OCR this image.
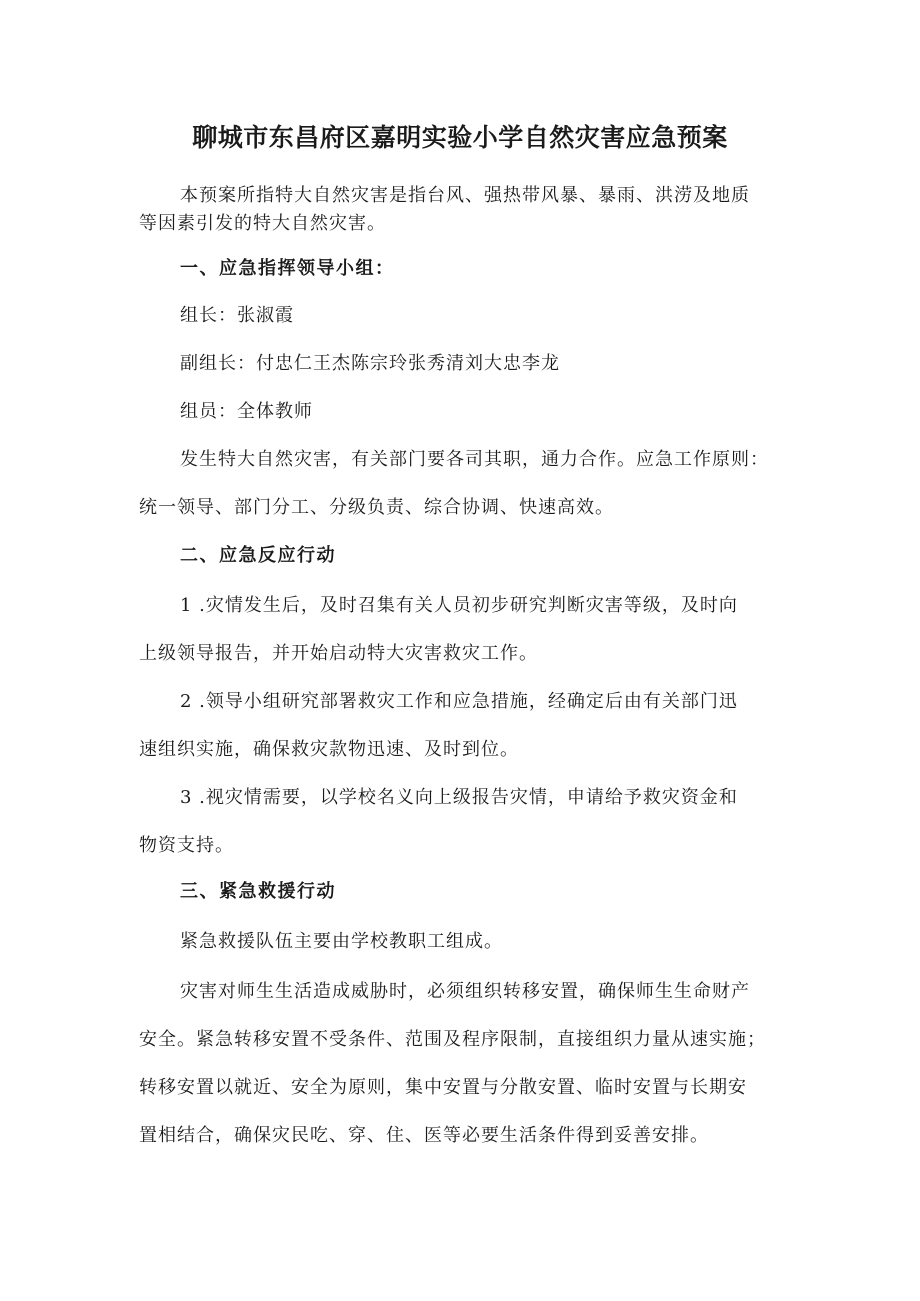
聊城市东昌府区嘉明实验小学自然灾害应急预案
本预案所指特大自然灾害是指台风、强热带风暴、暴雨、洪涝及地质
等因素引发的特大自然灾害。
一、应急指挥领导小组：
组长：张淑霞
副组长：付忠仁王杰陈宗玲张秀清刘大忠李龙
组员：全体教师
发生特大自然灾害，有关部门要各司其职，通力合作。应急工作原则：
统一领导、部门分工、分级负责、综合协调、快速高效。
二、应急反应行动
1 .灾情发生后，及时召集有关人员初步研究判断灾害等级，及时向
上级领导报告，并开始启动特大灾害救灾工作。
2 .领导小组研究部署救灾工作和应急措施，经确定后由有关部门迅
速组织实施，确保救灾款物迅速、及时到位。
3 .视灾情需要，以学校名义向上级报告灾情，申请给予救灾资金和
物资支持。
三、紧急救援行动
紧急救援队伍主要由学校教职工组成。
灾害对师生生活造成威胁时，必须组织转移安置，确保师生生命财产
安全。紧急转移安置不受条件、范围及程序限制，直接组织力量从速实施；
转移安置以就近、安全为原则，集中安置与分散安置、临时安置与长期安
置相结合，确保灾民吃、穿、住、医等必要生活条件得到妥善安排。
